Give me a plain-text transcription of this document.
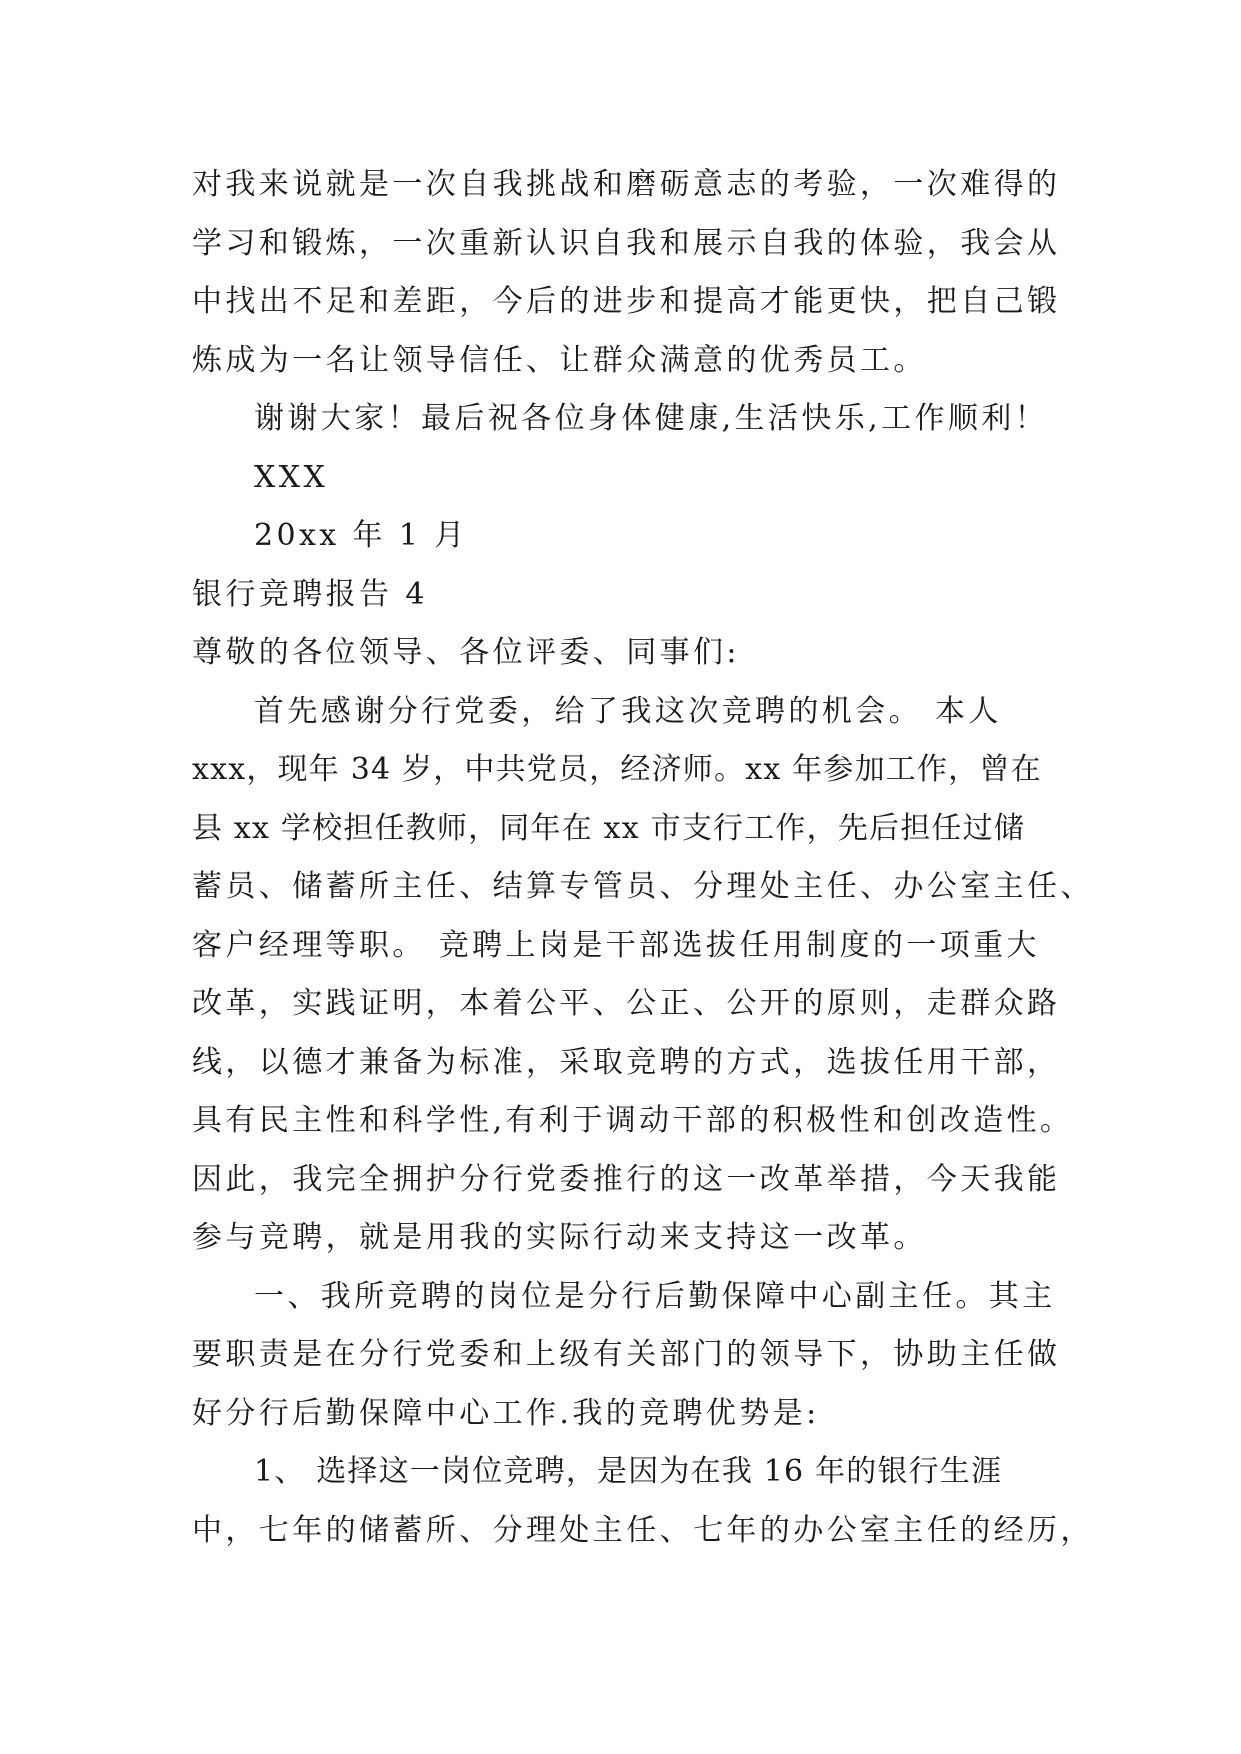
对我来说就是一次自我挑战和磨砺意志的考验，一次难得的
学习和锻炼，一次重新认识自我和展示自我的体验，我会从
中找出不足和差距，今后的进步和提高才能更快，把自己锻
炼成为一名让领导信任、让群众满意的优秀员工。
谢谢大家！最后祝各位身体健康,生活快乐,工作顺利！
XXX
20xx 年 1 月
银行竞聘报告 4
尊敬的各位领导、各位评委、同事们:
首先感谢分行党委，给了我这次竞聘的机会。 本人
xxx，现年 34 岁，中共党员，经济师。xx 年参加工作，曾在
县 xx 学校担任教师，同年在 xx 市支行工作，先后担任过储
蓄员、储蓄所主任、结算专管员、分理处主任、办公室主任、
客户经理等职。 竞聘上岗是干部选拔任用制度的一项重大
改革，实践证明，本着公平、公正、公开的原则，走群众路
线，以德才兼备为标准，采取竞聘的方式，选拔任用干部，
具有民主性和科学性,有利于调动干部的积极性和创改造性。
因此，我完全拥护分行党委推行的这一改革举措，今天我能
参与竞聘，就是用我的实际行动来支持这一改革。
一、我所竞聘的岗位是分行后勤保障中心副主任。其主
要职责是在分行党委和上级有关部门的领导下，协助主任做
好分行后勤保障中心工作.我的竞聘优势是:
1、 选择这一岗位竞聘，是因为在我 16 年的银行生涯
中，七年的储蓄所、分理处主任、七年的办公室主任的经历，
